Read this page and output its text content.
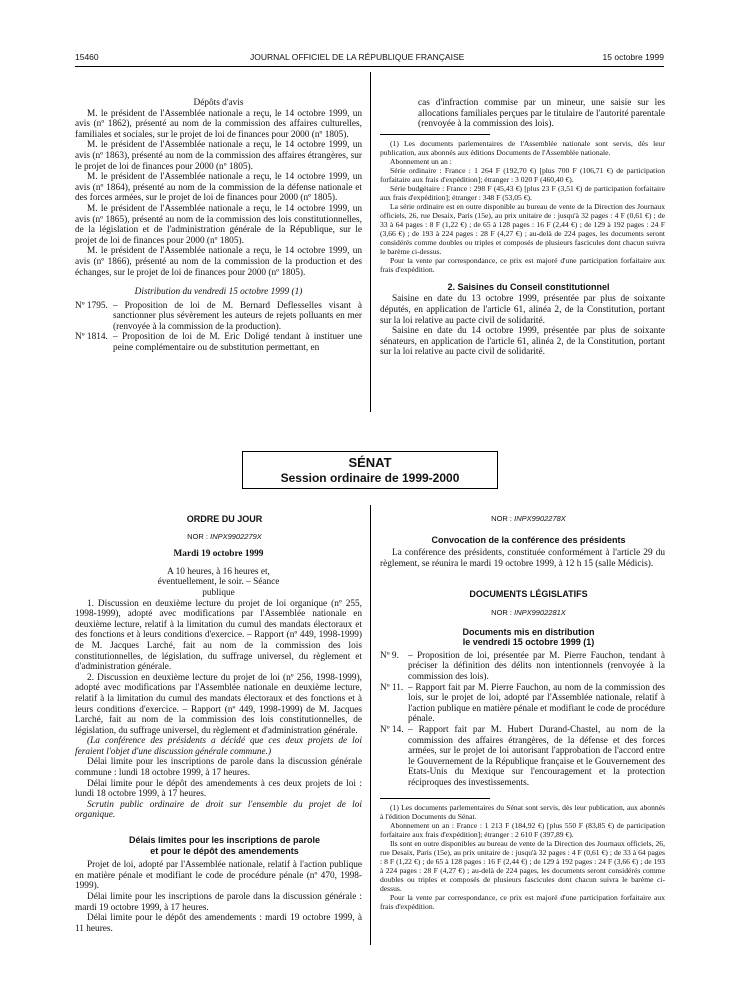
15460	JOURNAL OFFICIEL DE LA RÉPUBLIQUE FRANÇAISE	15 octobre 1999

Dépôts d'avis

M. le président de l'Assemblée nationale a reçu, le 14 octobre 1999, un avis (nº 1862), présenté au nom de la commission des affaires culturelles, familiales et sociales, sur le projet de loi de finances pour 2000 (nº 1805).

M. le président de l'Assemblée nationale a reçu, le 14 octobre 1999, un avis (nº 1863), présenté au nom de la commission des affaires étrangères, sur le projet de loi de finances pour 2000 (nº 1805).

M. le président de l'Assemblée nationale a reçu, le 14 octobre 1999, un avis (nº 1864), présenté au nom de la commission de la défense nationale et des forces armées, sur le projet de loi de finances pour 2000 (nº 1805).

M. le président de l'Assemblée nationale a reçu, le 14 octobre 1999, un avis (nº 1865), présenté au nom de la commission des lois constitutionnelles, de la législation et de l'administration générale de la République, sur le projet de loi de finances pour 2000 (nº 1805).

M. le président de l'Assemblée nationale a reçu, le 14 octobre 1999, un avis (nº 1866), présenté au nom de la commission de la production et des échanges, sur le projet de loi de finances pour 2000 (nº 1805).

Distribution du vendredi 15 octobre 1999 (1)

Nº 1795. – Proposition de loi de M. Bernard Deflesselles visant à sanctionner plus sévèrement les auteurs de rejets polluants en mer (renvoyée à la commission de la production).
Nº 1814. – Proposition de loi de M. Eric Doligé tendant à instituer une peine complémentaire ou de substitution permettant, en

cas d'infraction commise par un mineur, une saisie sur les allocations familiales perçues par le titulaire de l'autorité parentale (renvoyée à la commission des lois).

(1) Les documents parlementaires de l'Assemblée nationale sont servis, dès leur publication, aux abonnés aux éditions Documents de l'Assemblée nationale.

Abonnement un an :

Série ordinaire : France : 1 264 F (192,70 €) [plus 700 F (106,71 €) de participation forfaitaire aux frais d'expédition]; étranger : 3 020 F (460,40 €).

Série budgétaire : France : 298 F (45,43 €) [plus 23 F (3,51 €) de participation forfaitaire aux frais d'expédition]; étranger : 348 F (53,05 €).

La série ordinaire est en outre disponible au bureau de vente de la Direction des Journaux officiels, 26, rue Desaix, Paris (15e), au prix unitaire de : jusqu'à 32 pages : 4 F (0,61 €) ; de 33 à 64 pages : 8 F (1,22 €) ; de 65 à 128 pages : 16 F (2,44 €) ; de 129 à 192 pages : 24 F (3,66 €) ; de 193 à 224 pages : 28 F (4,27 €) ; au-delà de 224 pages, les documents seront considérés comme doubles ou triples et composés de plusieurs fascicules dont chacun suivra le barème ci-dessus.

Pour la vente par correspondance, ce prix est majoré d'une participation forfaitaire aux frais d'expédition.

2. Saisines du Conseil constitutionnel

Saisine en date du 13 octobre 1999, présentée par plus de soixante députés, en application de l'article 61, alinéa 2, de la Constitution, portant sur la loi relative au pacte civil de solidarité.

Saisine en date du 14 octobre 1999, présentée par plus de soixante sénateurs, en application de l'article 61, alinéa 2, de la Constitution, portant sur la loi relative au pacte civil de solidarité.

SÉNAT
Session ordinaire de 1999-2000

ORDRE DU JOUR

NOR : INPX9902279X

Mardi 19 octobre 1999

A 10 heures, à 16 heures et, éventuellement, le soir. – Séance publique

1. Discussion en deuxième lecture du projet de loi organique (nº 255, 1998-1999), adopté avec modifications par l'Assemblée nationale en deuxième lecture, relatif à la limitation du cumul des mandats électoraux et des fonctions et à leurs conditions d'exercice. – Rapport (nº 449, 1998-1999) de M. Jacques Larché, fait au nom de la commission des lois constitutionnelles, de législation, du suffrage universel, du règlement et d'administration générale.

2. Discussion en deuxième lecture du projet de loi (nº 256, 1998-1999), adopté avec modifications par l'Assemblée nationale en deuxième lecture, relatif à la limitation du cumul des mandats électoraux et des fonctions et à leurs conditions d'exercice. – Rapport (nº 449, 1998-1999) de M. Jacques Larché, fait au nom de la commission des lois constitutionnelles, de législation, du suffrage universel, du règlement et d'administration générale.

(La conférence des présidents a décidé que ces deux projets de loi feraient l'objet d'une discussion générale commune.)

Délai limite pour les inscriptions de parole dans la discussion générale commune : lundi 18 octobre 1999, à 17 heures.

Délai limite pour le dépôt des amendements à ces deux projets de loi : lundi 18 octobre 1999, à 17 heures.

Scrutin public ordinaire de droit sur l'ensemble du projet de loi organique.

Délais limites pour les inscriptions de parole

et pour le dépôt des amendements

Projet de loi, adopté par l'Assemblée nationale, relatif à l'action publique en matière pénale et modifiant le code de procédure pénale (nº 470, 1998-1999).

Délai limite pour les inscriptions de parole dans la discussion générale : mardi 19 octobre 1999, à 17 heures.

Délai limite pour le dépôt des amendements : mardi 19 octobre 1999, à 11 heures.

NOR : INPX9902278X

Convocation de la conférence des présidents

La conférence des présidents, constituée conformément à l'article 29 du règlement, se réunira le mardi 19 octobre 1999, à 12 h 15 (salle Médicis).

DOCUMENTS LÉGISLATIFS

NOR : INPX9902281X

Documents mis en distribution

le vendredi 15 octobre 1999 (1)

Nº 9. – Proposition de loi, présentée par M. Pierre Fauchon, tendant à préciser la définition des délits non intentionnels (renvoyée à la commission des lois).
Nº 11. – Rapport fait par M. Pierre Fauchon, au nom de la commission des lois, sur le projet de loi, adopté par l'Assemblée nationale, relatif à l'action publique en matière pénale et modifiant le code de procédure pénale.
Nº 14. – Rapport fait par M. Hubert Durand-Chastel, au nom de la commission des affaires étrangères, de la défense et des forces armées, sur le projet de loi autorisant l'approbation de l'accord entre le Gouvernement de la République française et le Gouvernement des Etats-Unis du Mexique sur l'encouragement et la protection réciproques des investissements.

(1) Les documents parlementaires du Sénat sont servis, dès leur publication, aux abonnés à l'édition Documents du Sénat.

Abonnement un an : France : 1 213 F (184,92 €) [plus 550 F (83,85 €) de participation forfaitaire aux frais d'expédition]; étranger : 2 610 F (397,89 €).

Ils sont en outre disponibles au bureau de vente de la Direction des Journaux officiels, 26, rue Desaix, Paris (15e), au prix unitaire de : jusqu'à 32 pages : 4 F (0,61 €) ; de 33 à 64 pages : 8 F (1,22 €) ; de 65 à 128 pages : 16 F (2,44 €) ; de 129 à 192 pages : 24 F (3,66 €) ; de 193 à 224 pages : 28 F (4,27 €) ; au-delà de 224 pages, les documents seront considérés comme doubles ou triples et composés de plusieurs fascicules dont chacun suivra le barème ci-dessus.

Pour la vente par correspondance, ce prix est majoré d'une participation forfaitaire aux frais d'expédition.
